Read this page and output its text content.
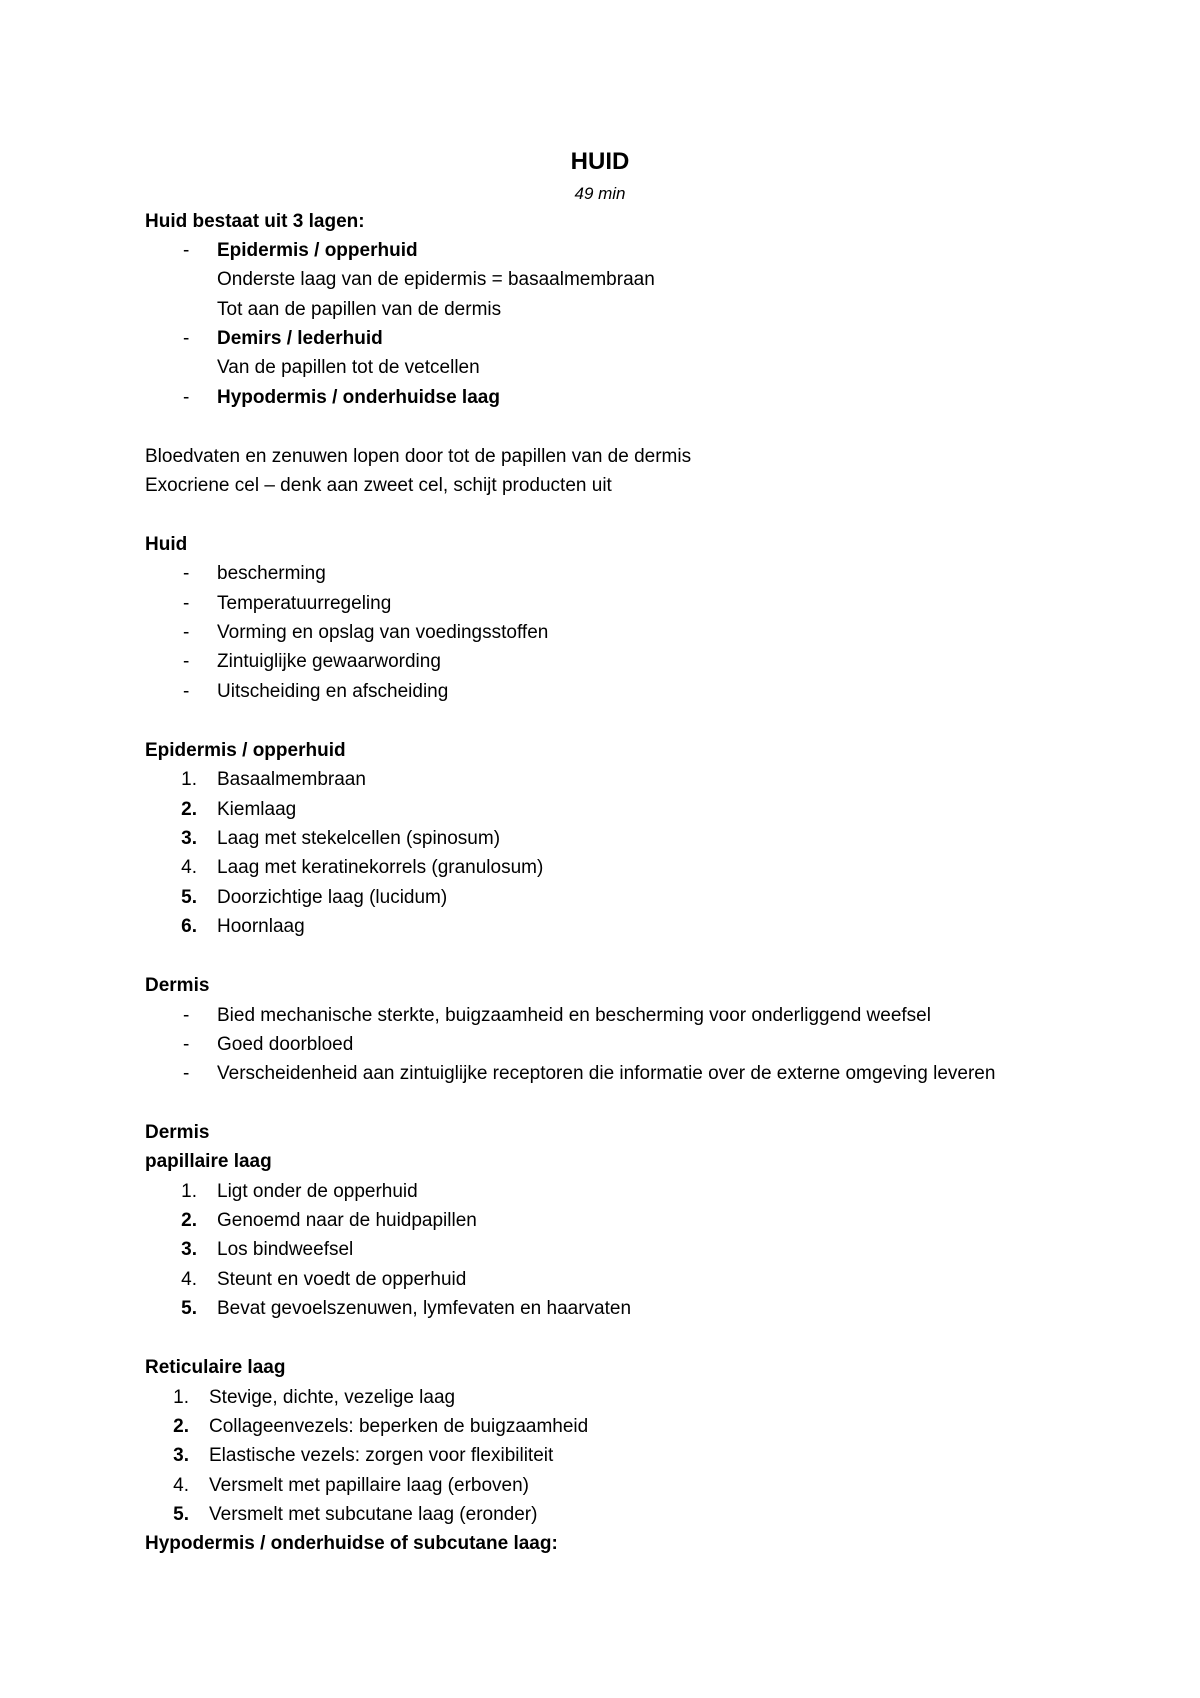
HUID
49 min
Huid bestaat uit 3 lagen:
-	Epidermis / opperhuid
Onderste laag van de epidermis = basaalmembraan
Tot aan de papillen van de dermis
-	Demirs / lederhuid
Van de papillen tot de vetcellen
-	Hypodermis / onderhuidse laag
Bloedvaten en zenuwen lopen door tot de papillen van de dermis
Exocriene cel – denk aan zweet cel, schijt producten uit
Huid
-	bescherming
-	Temperatuurregeling
-	Vorming en opslag van voedingsstoffen
-	Zintuiglijke gewaarwording
-	Uitscheiding en afscheiding
Epidermis / opperhuid
1. Basaalmembraan
2. Kiemlaag
3. Laag met stekelcellen (spinosum)
4. Laag met keratinekorrels (granulosum)
5. Doorzichtige laag (lucidum)
6. Hoornlaag
Dermis
-	Bied mechanische sterkte, buigzaamheid en bescherming voor onderliggend weefsel
-	Goed doorbloed
-	Verscheidenheid aan zintuiglijke receptoren die informatie over de externe omgeving leveren
Dermis
papillaire laag
1. Ligt onder de opperhuid
2. Genoemd naar de huidpapillen
3. Los bindweefsel
4. Steunt en voedt de opperhuid
5. Bevat gevoelszenuwen, lymfevaten en haarvaten
Reticulaire laag
1. Stevige, dichte, vezelige laag
2. Collageenvezels: beperken de buigzaamheid
3. Elastische vezels: zorgen voor flexibiliteit
4. Versmelt met papillaire laag (erboven)
5. Versmelt met subcutane laag (eronder)
Hypodermis / onderhuidse of subcutane laag:
